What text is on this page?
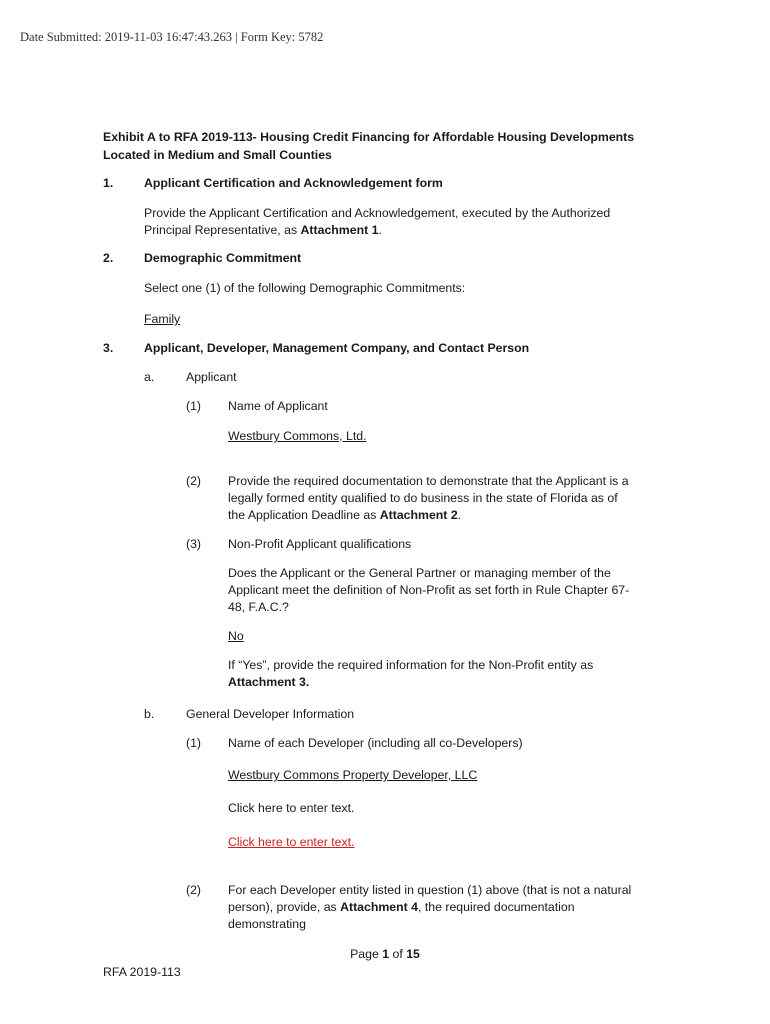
Date Submitted: 2019-11-03 16:47:43.263 | Form Key: 5782
Exhibit A to RFA 2019-113- Housing Credit Financing for Affordable Housing Developments Located in Medium and Small Counties
1. Applicant Certification and Acknowledgement form
Provide the Applicant Certification and Acknowledgement, executed by the Authorized Principal Representative, as Attachment 1.
2. Demographic Commitment
Select one (1) of the following Demographic Commitments:
Family
3. Applicant, Developer, Management Company, and Contact Person
a.	Applicant
(1) Name of Applicant
Westbury Commons, Ltd.
(2) Provide the required documentation to demonstrate that the Applicant is a legally formed entity qualified to do business in the state of Florida as of the Application Deadline as Attachment 2.
(3) Non-Profit Applicant qualifications
Does the Applicant or the General Partner or managing member of the Applicant meet the definition of Non-Profit as set forth in Rule Chapter 67-48, F.A.C.?
No
If “Yes”, provide the required information for the Non-Profit entity as Attachment 3.
b.	General Developer Information
(1) Name of each Developer (including all co-Developers)
Westbury Commons Property Developer, LLC
Click here to enter text.
Click here to enter text.
(2) For each Developer entity listed in question (1) above (that is not a natural person), provide, as Attachment 4, the required documentation demonstrating
Page 1 of 15
RFA 2019-113
